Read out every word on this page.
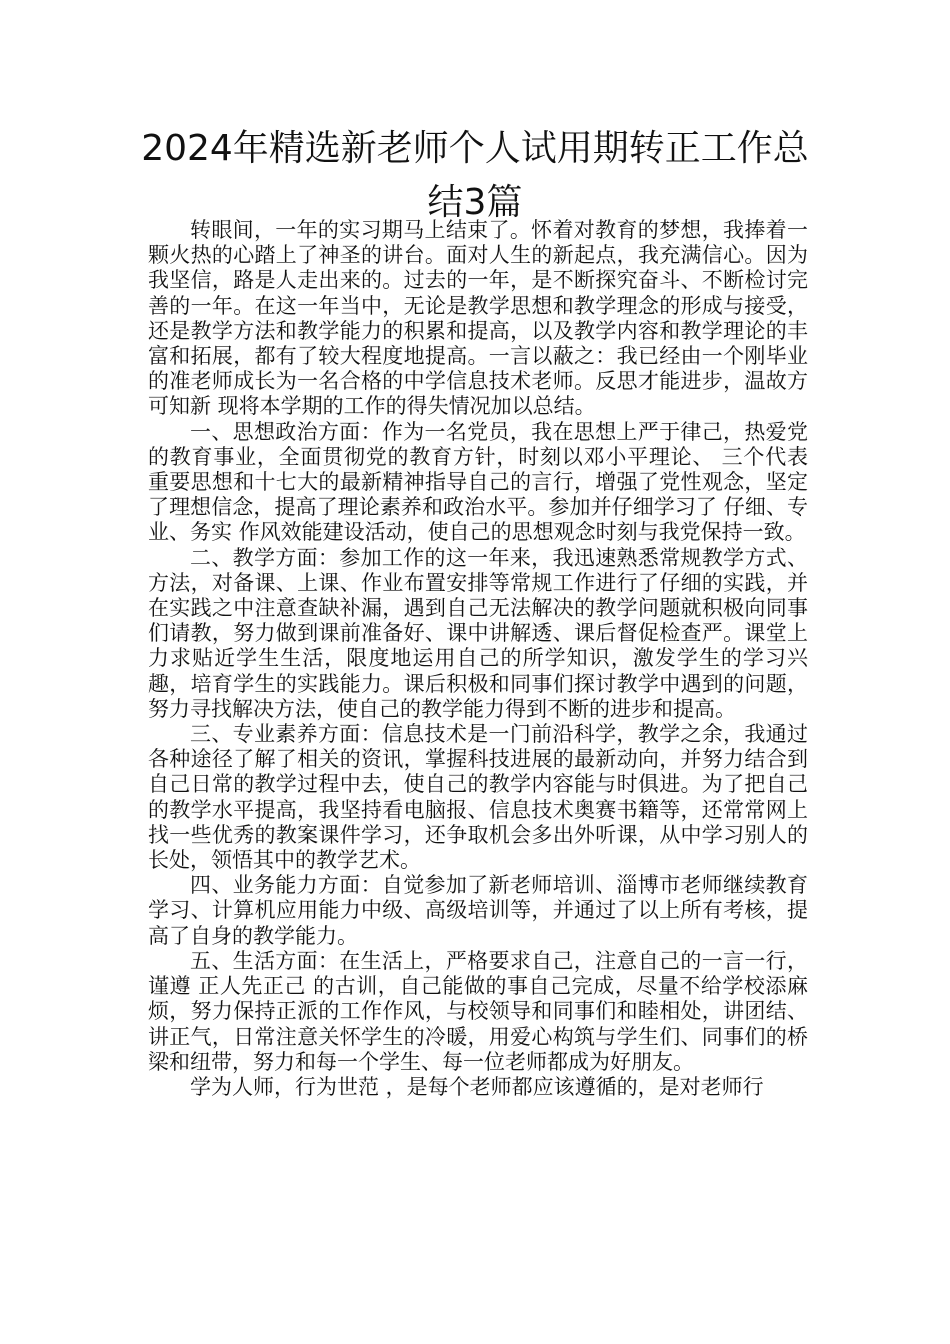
2024年精选新老师个人试用期转正工作总结3篇

转眼间，一年的实习期马上结束了。怀着对教育的梦想，我捧着一颗火热的心踏上了神圣的讲台。面对人生的新起点，我充满信心。因为我坚信，路是人走出来的。过去的一年，是不断探究奋斗、不断检讨完善的一年。在这一年当中，无论是教学思想和教学理念的形成与接受，还是教学方法和教学能力的积累和提高，以及教学内容和教学理论的丰富和拓展，都有了较大程度地提高。一言以蔽之：我已经由一个刚毕业的准老师成长为一名合格的中学信息技术老师。反思才能进步，温故方可知新 现将本学期的工作的得失情况加以总结。

一、思想政治方面：作为一名党员，我在思想上严于律己，热爱党的教育事业，全面贯彻党的教育方针，时刻以邓小平理论、 三个代表 重要思想和十七大的最新精神指导自己的言行，增强了党性观念，坚定了理想信念，提高了理论素养和政治水平。参加并仔细学习了 仔细、专业、务实 作风效能建设活动，使自己的思想观念时刻与我党保持一致。

二、教学方面：参加工作的这一年来，我迅速熟悉常规教学方式、方法，对备课、上课、作业布置安排等常规工作进行了仔细的实践，并在实践之中注意查缺补漏，遇到自己无法解决的教学问题就积极向同事们请教，努力做到课前准备好、课中讲解透、课后督促检查严。课堂上力求贴近学生生活，限度地运用自己的所学知识，激发学生的学习兴趣，培育学生的实践能力。课后积极和同事们探讨教学中遇到的问题，努力寻找解决方法，使自己的教学能力得到不断的进步和提高。

三、专业素养方面：信息技术是一门前沿科学，教学之余，我通过各种途径了解了相关的资讯，掌握科技进展的最新动向，并努力结合到自己日常的教学过程中去，使自己的教学内容能与时俱进。为了把自己的教学水平提高，我坚持看电脑报、信息技术奥赛书籍等，还常常网上找一些优秀的教案课件学习，还争取机会多出外听课，从中学习别人的长处，领悟其中的教学艺术。

四、业务能力方面：自觉参加了新老师培训、淄博市老师继续教育学习、计算机应用能力中级、高级培训等，并通过了以上所有考核，提高了自身的教学能力。

五、生活方面：在生活上，严格要求自己，注意自己的一言一行，谨遵 正人先正己 的古训，自己能做的事自己完成，尽量不给学校添麻烦，努力保持正派的工作作风，与校领导和同事们和睦相处，讲团结、讲正气，日常注意关怀学生的冷暖，用爱心构筑与学生们、同事们的桥梁和纽带，努力和每一个学生、每一位老师都成为好朋友。

学为人师，行为世范 ，是每个老师都应该遵循的，是对老师行
